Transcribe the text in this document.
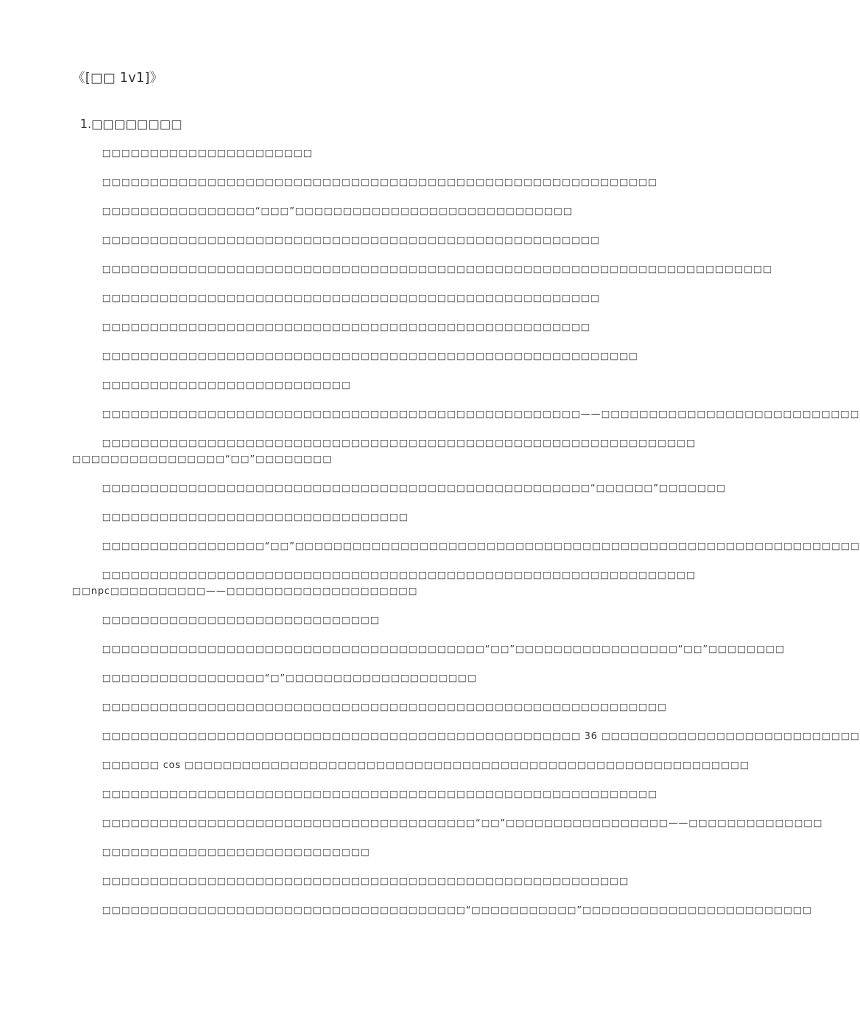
《[□□ 1v1]》
1.□□□□□□□□

□□□□□□□□□□□□□□□□□□□□□□

□□□□□□□□□□□□□□□□□□□□□□□□□□□□□□□□□□□□□□□□□□□□□□□□□□□□□□□□□□

□□□□□□□□□□□□□□□□“□□□”□□□□□□□□□□□□□□□□□□□□□□□□□□□□□

□□□□□□□□□□□□□□□□□□□□□□□□□□□□□□□□□□□□□□□□□□□□□□□□□□□□

□□□□□□□□□□□□□□□□□□□□□□□□□□□□□□□□□□□□□□□□□□□□□□□□□□□□□□□□□□□□□□□□□□□□□□

□□□□□□□□□□□□□□□□□□□□□□□□□□□□□□□□□□□□□□□□□□□□□□□□□□□□

□□□□□□□□□□□□□□□□□□□□□□□□□□□□□□□□□□□□□□□□□□□□□□□□□□□

□□□□□□□□□□□□□□□□□□□□□□□□□□□□□□□□□□□□□□□□□□□□□□□□□□□□□□□□

□□□□□□□□□□□□□□□□□□□□□□□□□□

□□□□□□□□□□□□□□□□□□□□□□□□□□□□□□□□□□□□□□□□□□□□□□□□□□——□□□□□□□□□□□□□□□□□□□□□□□□□□□

□□□□□□□□□□□□□□□□□□□□□□□□□□□□□□□□□□□□□□□□□□□□□□□□□□□□□□□□□□□□□□□□□□□□□□□□□□□□□□“□□”□□□□□□□□

□□□□□□□□□□□□□□□□□□□□□□□□□□□□□□□□□□□□□□□□□□□□□□□□□□□“□□□□□□”□□□□□□□

□□□□□□□□□□□□□□□□□□□□□□□□□□□□□□□□

□□□□□□□□□□□□□□□□□“□□”□□□□□□□□□□□□□□□□□□□□□□□□□□□□□□□□□□□□□□□□□□□□□□□□□□□□□□□□□□□

□□□□□□□□□□□□□□□□□□□□□□□□□□□□□□□□□□□□□□□□□□□□□□□□□□□□□□□□□□□□□□□□npc□□□□□□□□□□——□□□□□□□□□□□□□□□□□□□□

□□□□□□□□□□□□□□□□□□□□□□□□□□□□□

□□□□□□□□□□□□□□□□□□□□□□□□□□□□□□□□□□□□□□□□“□□”□□□□□□□□□□□□□□□□□“□□”□□□□□□□□

□□□□□□□□□□□□□□□□□“□”□□□□□□□□□□□□□□□□□□□□

□□□□□□□□□□□□□□□□□□□□□□□□□□□□□□□□□□□□□□□□□□□□□□□□□□□□□□□□□□□

□□□□□□□□□□□□□□□□□□□□□□□□□□□□□□□□□□□□□□□□□□□□□□□□□□ 36 □□□□□□□□□□□□□□□□□□□□□□□□□□□

□□□□□□ cos □□□□□□□□□□□□□□□□□□□□□□□□□□□□□□□□□□□□□□□□□□□□□□□□□□□□□□□□□□□

□□□□□□□□□□□□□□□□□□□□□□□□□□□□□□□□□□□□□□□□□□□□□□□□□□□□□□□□□□

□□□□□□□□□□□□□□□□□□□□□□□□□□□□□□□□□□□□□□□“□□”□□□□□□□□□□□□□□□□□——□□□□□□□□□□□□□□

□□□□□□□□□□□□□□□□□□□□□□□□□□□□

□□□□□□□□□□□□□□□□□□□□□□□□□□□□□□□□□□□□□□□□□□□□□□□□□□□□□□□

□□□□□□□□□□□□□□□□□□□□□□□□□□□□□□□□□□□□□□“□□□□□□□□□□□”□□□□□□□□□□□□□□□□□□□□□□□□
